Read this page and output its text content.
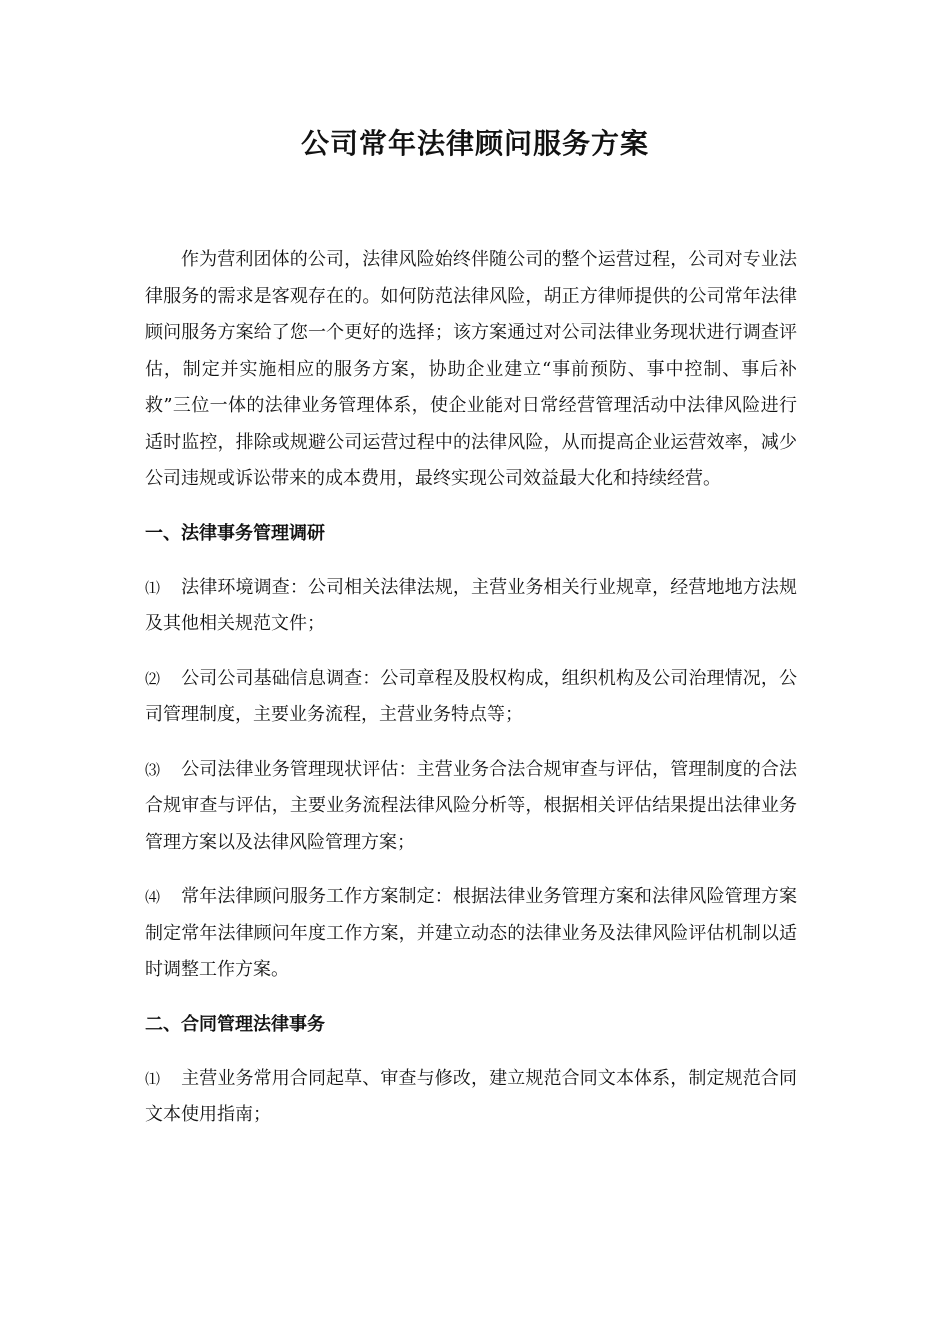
公司常年法律顾问服务方案

作为营利团体的公司，法律风险始终伴随公司的整个运营过程，公司对专业法律服务的需求是客观存在的。如何防范法律风险，胡正方律师提供的公司常年法律顾问服务方案给了您一个更好的选择；该方案通过对公司法律业务现状进行调查评估，制定并实施相应的服务方案，协助企业建立“事前预防、事中控制、事后补救”三位一体的法律业务管理体系，使企业能对日常经营管理活动中法律风险进行适时监控，排除或规避公司运营过程中的法律风险，从而提高企业运营效率，减少公司违规或诉讼带来的成本费用，最终实现公司效益最大化和持续经营。

一、法律事务管理调研

⑴ 法律环境调查：公司相关法律法规，主营业务相关行业规章，经营地地方法规及其他相关规范文件；

⑵ 公司公司基础信息调查：公司章程及股权构成，组织机构及公司治理情况，公司管理制度，主要业务流程，主营业务特点等；

⑶ 公司法律业务管理现状评估：主营业务合法合规审查与评估，管理制度的合法合规审查与评估，主要业务流程法律风险分析等，根据相关评估结果提出法律业务管理方案以及法律风险管理方案；

⑷ 常年法律顾问服务工作方案制定：根据法律业务管理方案和法律风险管理方案制定常年法律顾问年度工作方案，并建立动态的法律业务及法律风险评估机制以适时调整工作方案。

二、合同管理法律事务

⑴ 主营业务常用合同起草、审查与修改，建立规范合同文本体系，制定规范合同文本使用指南；
